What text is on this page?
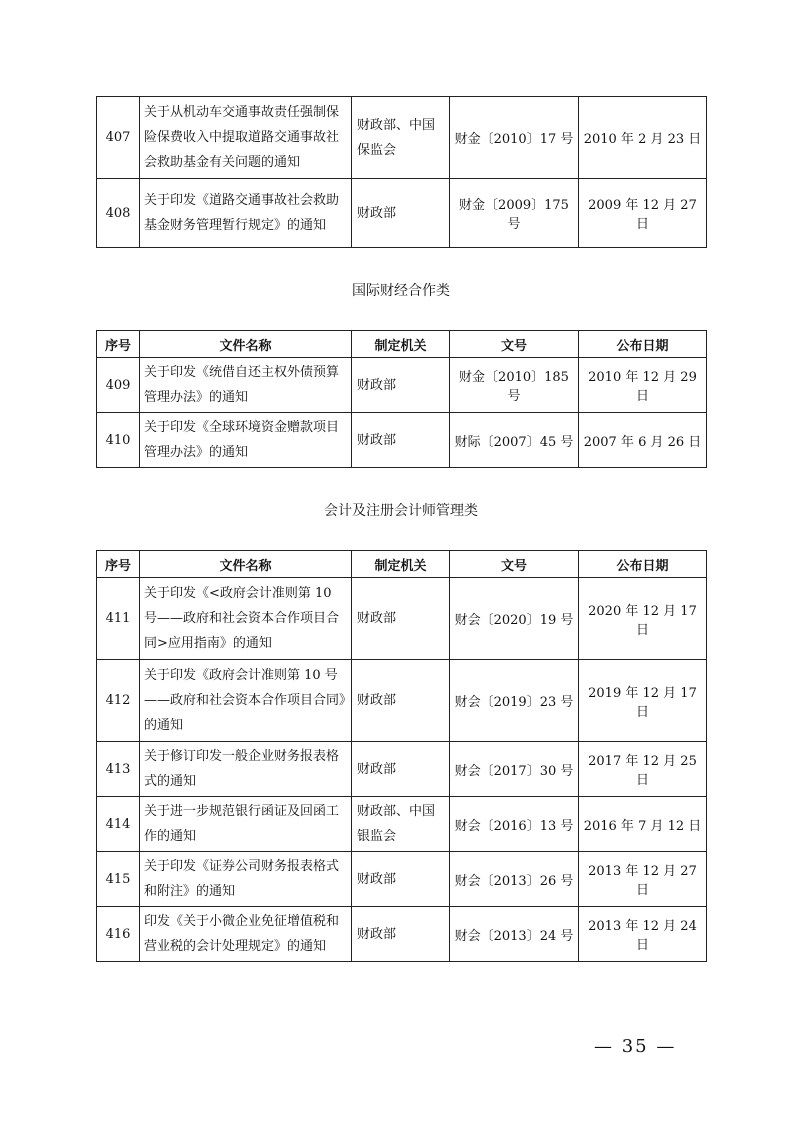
407	关于从机动车交通事故责任强制保险保费收入中提取道路交通事故社会救助基金有关问题的通知	财政部、中国保监会	财金〔2010〕17 号	2010 年 2 月 23 日
408	关于印发《道路交通事故社会救助基金财务管理暂行规定》的通知	财政部	财金〔2009〕175 号	2009 年 12 月 27 日
国际财经合作类
序号	文件名称	制定机关	文号	公布日期
409	关于印发《统借自还主权外债预算管理办法》的通知	财政部	财金〔2010〕185 号	2010 年 12 月 29 日
410	关于印发《全球环境资金赠款项目管理办法》的通知	财政部	财际〔2007〕45 号	2007 年 6 月 26 日
会计及注册会计师管理类
序号	文件名称	制定机关	文号	公布日期
411	关于印发《<政府会计准则第 10 号——政府和社会资本合作项目合同>应用指南》的通知	财政部	财会〔2020〕19 号	2020 年 12 月 17 日
412	关于印发《政府会计准则第 10 号——政府和社会资本合作项目合同》的通知	财政部	财会〔2019〕23 号	2019 年 12 月 17 日
413	关于修订印发一般企业财务报表格式的通知	财政部	财会〔2017〕30 号	2017 年 12 月 25 日
414	关于进一步规范银行函证及回函工作的通知	财政部、中国银监会	财会〔2016〕13 号	2016 年 7 月 12 日
415	关于印发《证券公司财务报表格式和附注》的通知	财政部	财会〔2013〕26 号	2013 年 12 月 27 日
416	印发《关于小微企业免征增值税和营业税的会计处理规定》的通知	财政部	财会〔2013〕24 号	2013 年 12 月 24 日
— 35 —
